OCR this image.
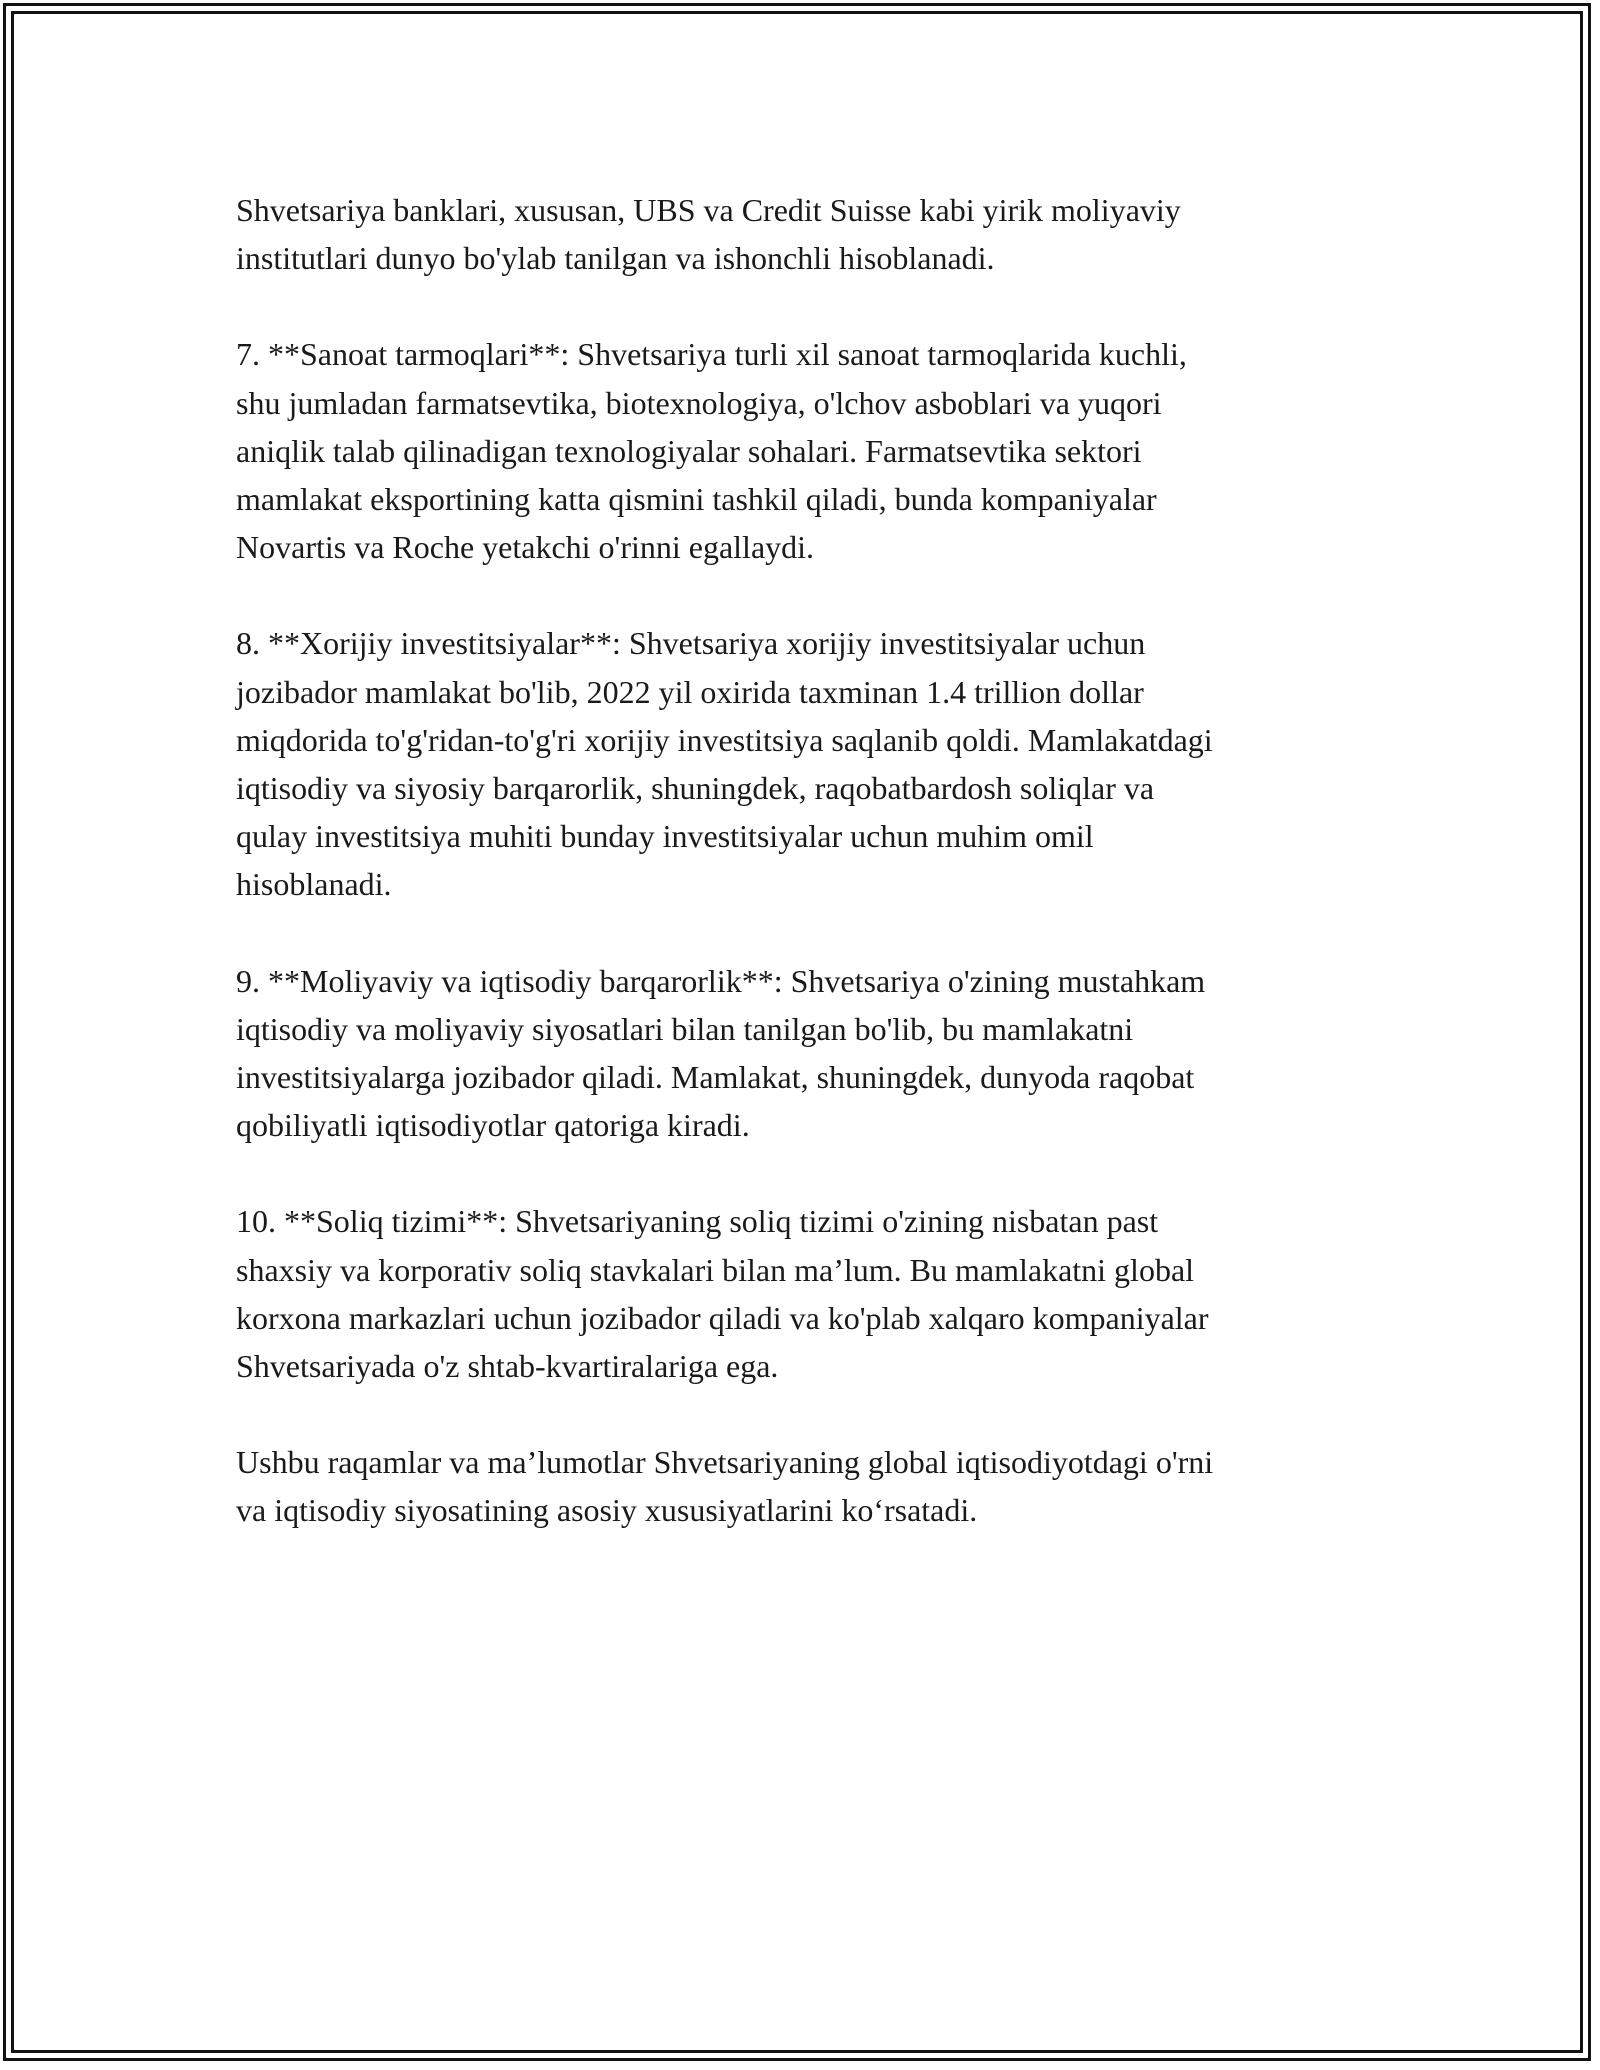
Shvetsariya banklari, xususan, UBS va Credit Suisse kabi yirik moliyaviy
institutlari dunyo bo'ylab tanilgan va ishonchli hisoblanadi.

7. **Sanoat tarmoqlari**: Shvetsariya turli xil sanoat tarmoqlarida kuchli,
shu jumladan farmatsevtika, biotexnologiya, o'lchov asboblari va yuqori
aniqlik talab qilinadigan texnologiyalar sohalari. Farmatsevtika sektori
mamlakat eksportining katta qismini tashkil qiladi, bunda kompaniyalar
Novartis va Roche yetakchi o'rinni egallaydi.

8. **Xorijiy investitsiyalar**: Shvetsariya xorijiy investitsiyalar uchun
jozibador mamlakat bo'lib, 2022 yil oxirida taxminan 1.4 trillion dollar
miqdorida to'g'ridan-to'g'ri xorijiy investitsiya saqlanib qoldi. Mamlakatdagi
iqtisodiy va siyosiy barqarorlik, shuningdek, raqobatbardosh soliqlar va
qulay investitsiya muhiti bunday investitsiyalar uchun muhim omil
hisoblanadi.

9. **Moliyaviy va iqtisodiy barqarorlik**: Shvetsariya o'zining mustahkam
iqtisodiy va moliyaviy siyosatlari bilan tanilgan bo'lib, bu mamlakatni
investitsiyalarga jozibador qiladi. Mamlakat, shuningdek, dunyoda raqobat
qobiliyatli iqtisodiyotlar qatoriga kiradi.

10. **Soliq tizimi**: Shvetsariyaning soliq tizimi o'zining nisbatan past
shaxsiy va korporativ soliq stavkalari bilan ma’lum. Bu mamlakatni global
korxona markazlari uchun jozibador qiladi va ko'plab xalqaro kompaniyalar
Shvetsariyada o'z shtab-kvartiralariga ega.

Ushbu raqamlar va ma’lumotlar Shvetsariyaning global iqtisodiyotdagi o'rni
va iqtisodiy siyosatining asosiy xususiyatlarini ko‘rsatadi.
